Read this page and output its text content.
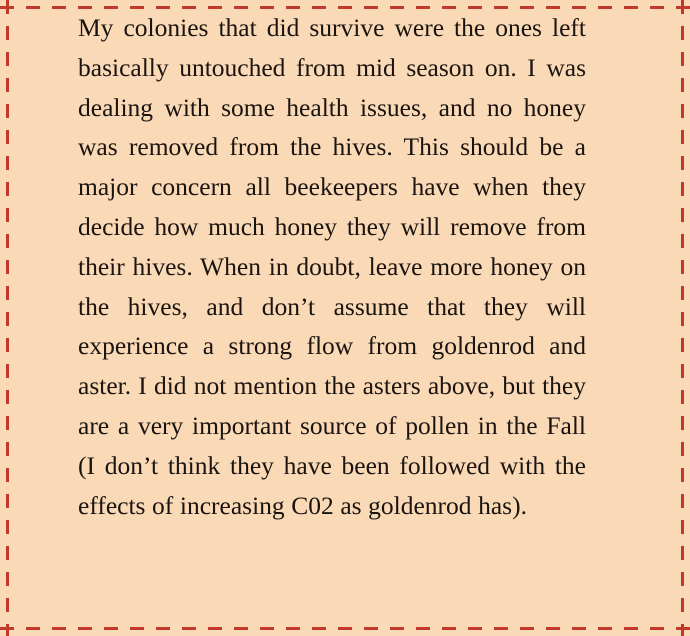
My colonies that did survive were the ones left basically untouched from mid season on. I was dealing with some health issues, and no honey was removed from the hives. This should be a major concern all beekeepers have when they decide how much honey they will remove from their hives. When in doubt, leave more honey on the hives, and don’t assume that they will experience a strong flow from goldenrod and aster. I did not mention the asters above, but they are a very important source of pollen in the Fall (I don’t think they have been followed with the effects of increasing C02 as goldenrod has).
